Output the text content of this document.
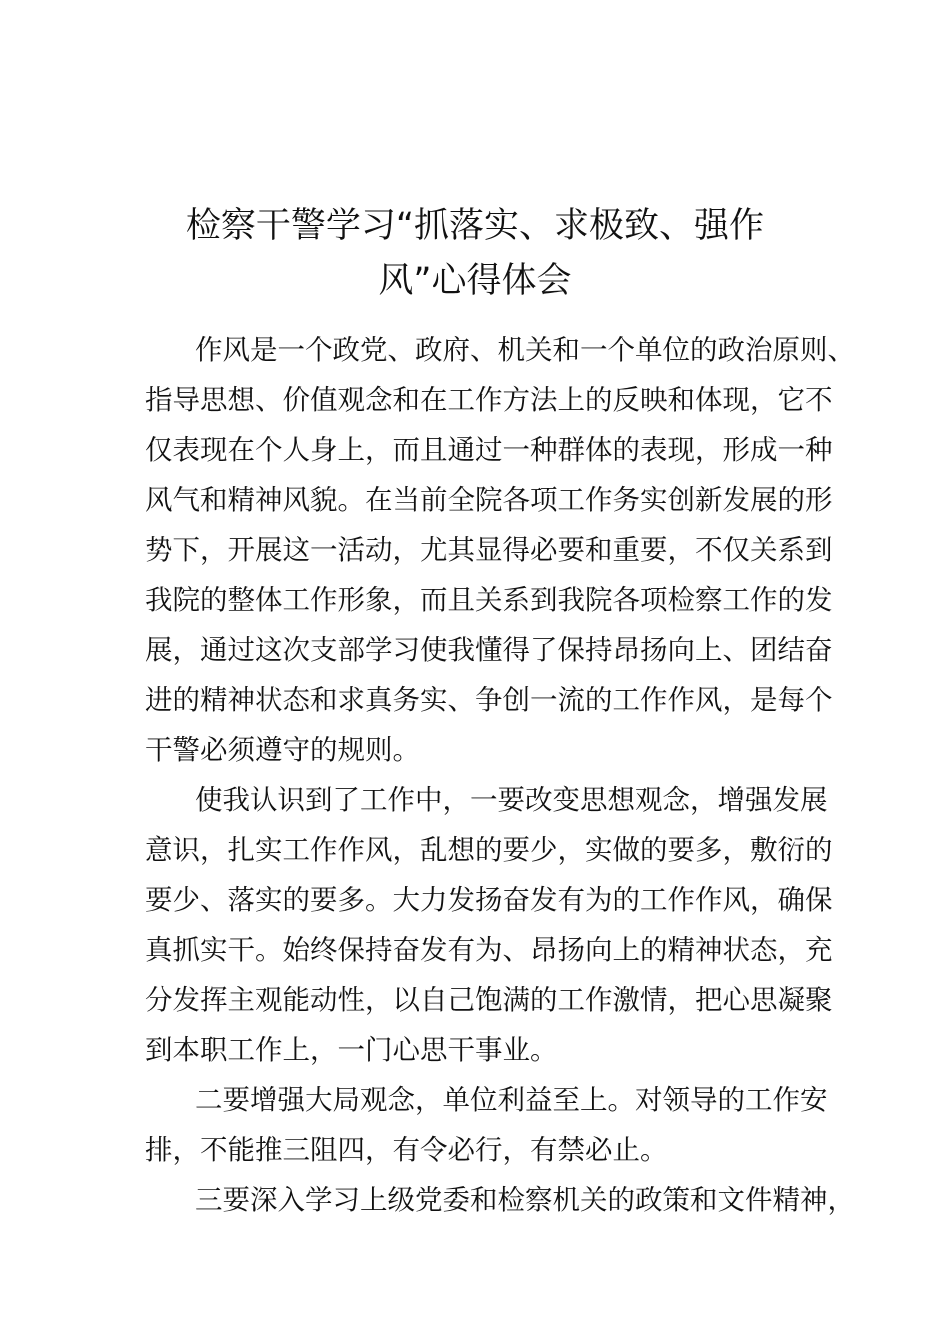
检察干警学习“抓落实、求极致、强作
风”心得体会

作风是一个政党、政府、机关和一个单位的政治原则、
指导思想、价值观念和在工作方法上的反映和体现，它不
仅表现在个人身上，而且通过一种群体的表现，形成一种
风气和精神风貌。在当前全院各项工作务实创新发展的形
势下，开展这一活动，尤其显得必要和重要，不仅关系到
我院的整体工作形象，而且关系到我院各项检察工作的发
展，通过这次支部学习使我懂得了保持昂扬向上、团结奋
进的精神状态和求真务实、争创一流的工作作风，是每个
干警必须遵守的规则。

使我认识到了工作中，一要改变思想观念，增强发展
意识，扎实工作作风，乱想的要少，实做的要多，敷衍的
要少、落实的要多。大力发扬奋发有为的工作作风，确保
真抓实干。始终保持奋发有为、昂扬向上的精神状态，充
分发挥主观能动性，以自己饱满的工作激情，把心思凝聚
到本职工作上，一门心思干事业。

二要增强大局观念，单位利益至上。对领导的工作安
排，不能推三阻四，有令必行，有禁必止。

三要深入学习上级党委和检察机关的政策和文件精神，
